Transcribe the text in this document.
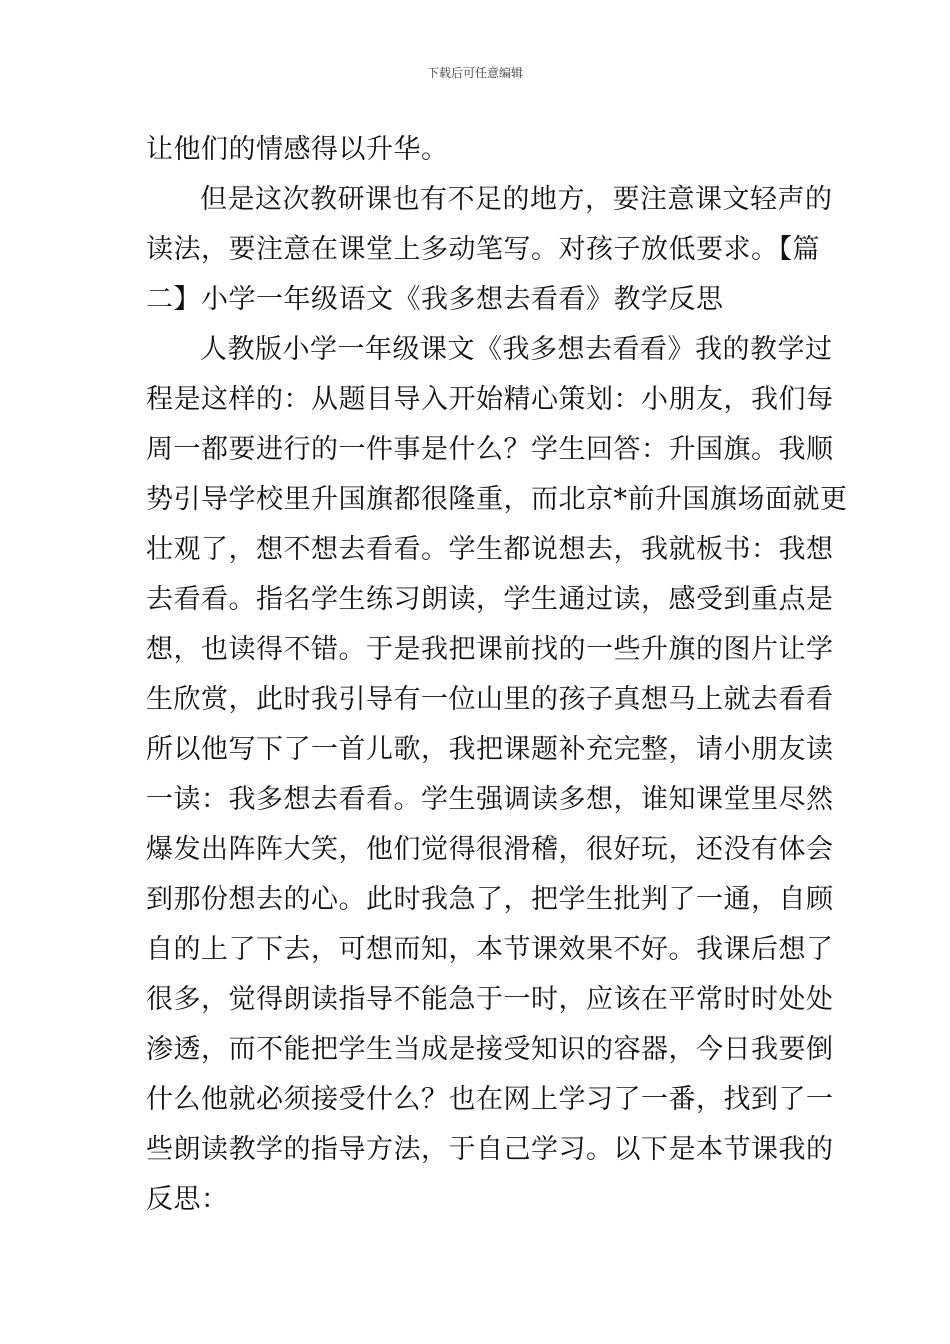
下载后可任意编辑
让他们的情感得以升华。
但是这次教研课也有不足的地方，要注意课文轻声的
读法，要注意在课堂上多动笔写。对孩子放低要求。【篇
二】小学一年级语文《我多想去看看》教学反思
人教版小学一年级课文《我多想去看看》我的教学过
程是这样的：从题目导入开始精心策划：小朋友，我们每
周一都要进行的一件事是什么？学生回答：升国旗。我顺
势引导学校里升国旗都很隆重，而北京*前升国旗场面就更
壮观了，想不想去看看。学生都说想去，我就板书：我想
去看看。指名学生练习朗读，学生通过读，感受到重点是
想，也读得不错。于是我把课前找的一些升旗的图片让学
生欣赏，此时我引导有一位山里的孩子真想马上就去看看
所以他写下了一首儿歌，我把课题补充完整，请小朋友读
一读：我多想去看看。学生强调读多想，谁知课堂里尽然
爆发出阵阵大笑，他们觉得很滑稽，很好玩，还没有体会
到那份想去的心。此时我急了，把学生批判了一通，自顾
自的上了下去，可想而知，本节课效果不好。我课后想了
很多，觉得朗读指导不能急于一时，应该在平常时时处处
渗透，而不能把学生当成是接受知识的容器，今日我要倒
什么他就必须接受什么？也在网上学习了一番，找到了一
些朗读教学的指导方法，于自己学习。以下是本节课我的
反思：
